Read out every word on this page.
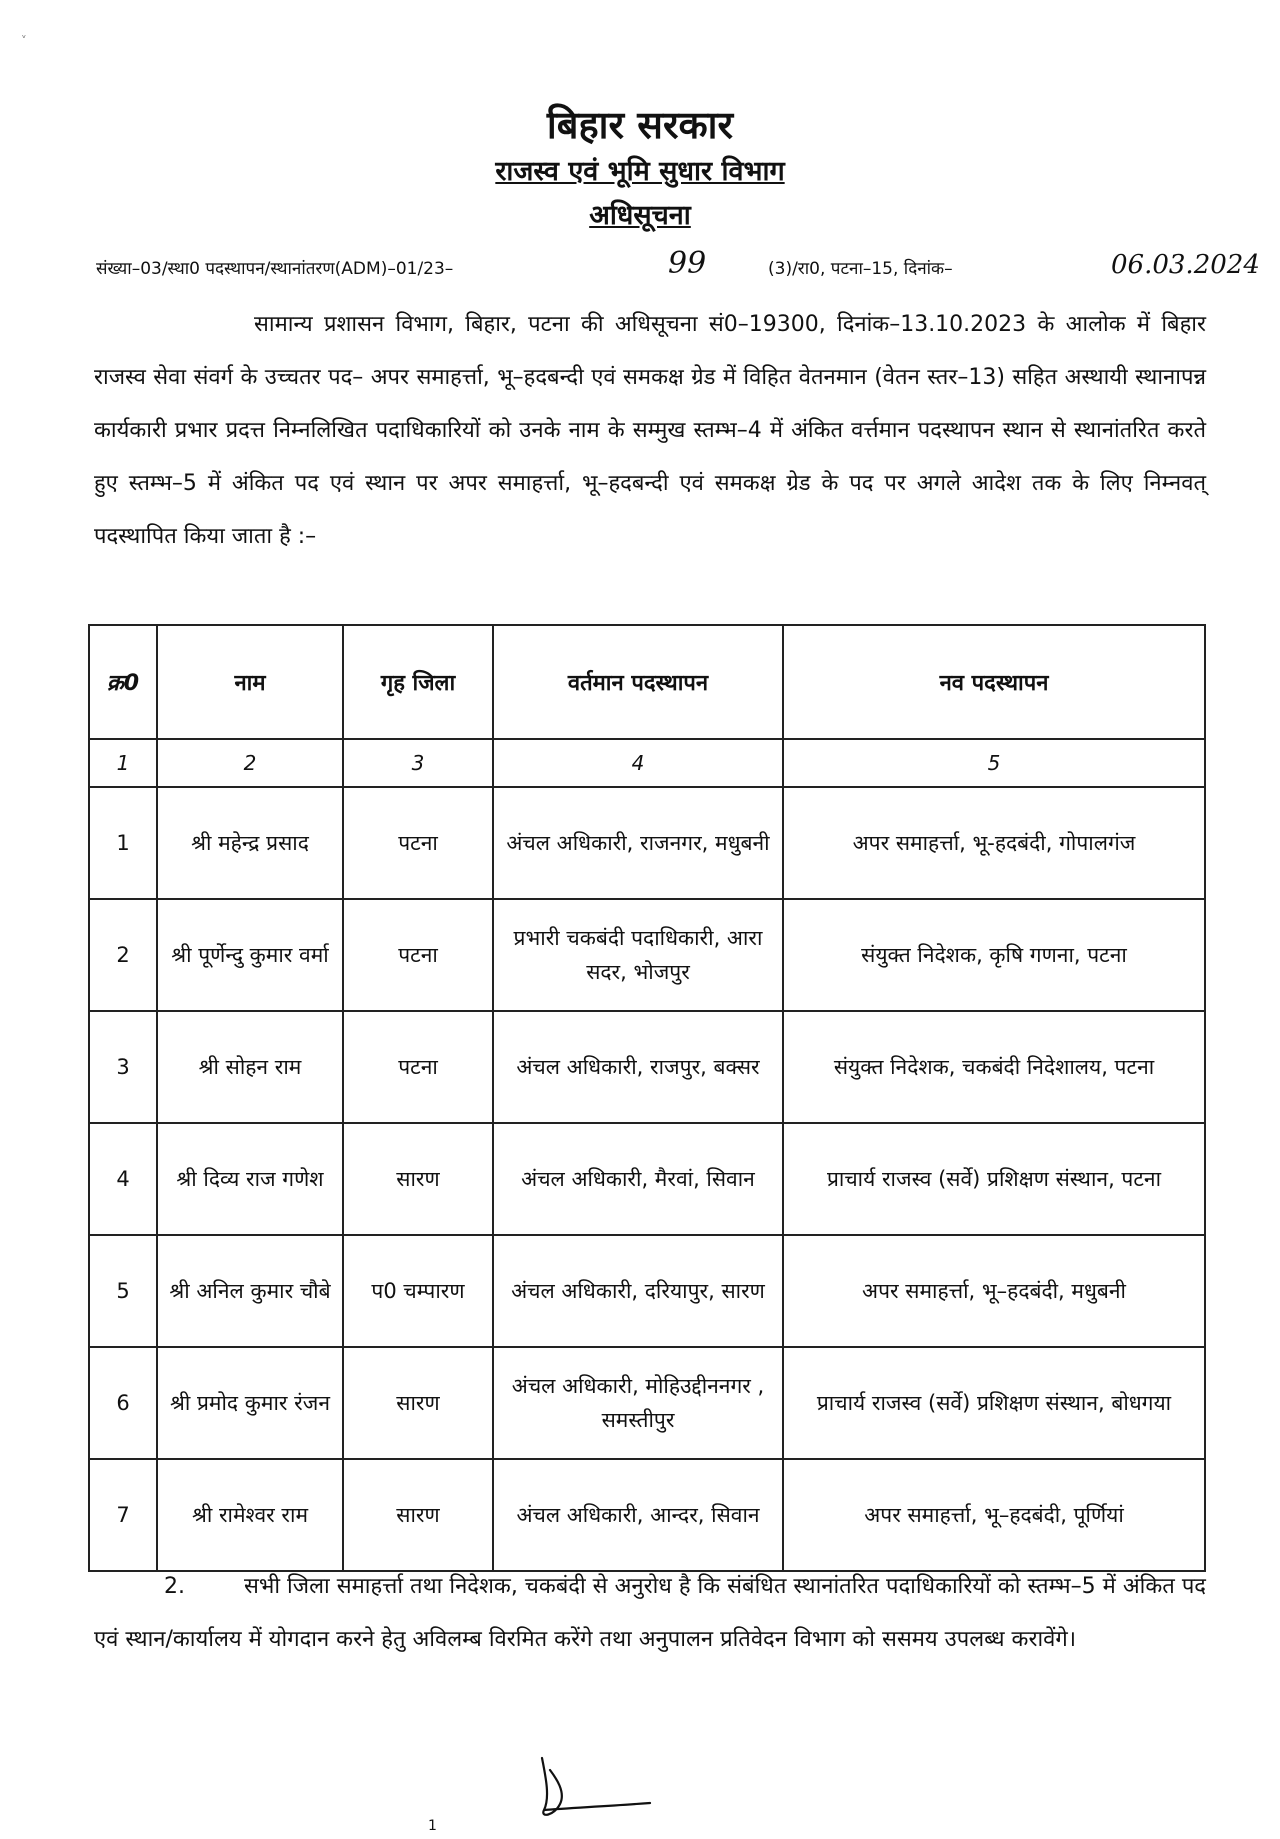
ᵥ
बिहार सरकार
राजस्व एवं भूमि सुधार विभाग
अधिसूचना
संख्या–03/स्था0 पदस्थापन/स्थानांतरण(ADM)–01/23–	99	(3)/रा0, पटना–15, दिनांक–	06.03.2024
सामान्य प्रशासन विभाग, बिहार, पटना की अधिसूचना सं0–19300, दिनांक–13.10.2023 के आलोक में बिहार राजस्व सेवा संवर्ग के उच्चतर पद– अपर समाहर्त्ता, भू–हदबन्दी एवं समकक्ष ग्रेड में विहित वेतनमान (वेतन स्तर–13) सहित अस्थायी स्थानापन्न कार्यकारी प्रभार प्रदत्त निम्नलिखित पदाधिकारियों को उनके नाम के सम्मुख स्तम्भ–4 में अंकित वर्त्तमान पदस्थापन स्थान से स्थानांतरित करते हुए स्तम्भ–5 में अंकित पद एवं स्थान पर अपर समाहर्त्ता, भू–हदबन्दी एवं समकक्ष ग्रेड के पद पर अगले आदेश तक के लिए निम्नवत् पदस्थापित किया जाता है :–
क्र0	नाम	गृह जिला	वर्तमान पदस्थापन	नव पदस्थापन
1	2	3	4	5
1	श्री महेन्द्र प्रसाद	पटना	अंचल अधिकारी, राजनगर, मधुबनी	अपर समाहर्त्ता, भू-हदबंदी, गोपालगंज
2	श्री पूर्णेन्दु कुमार वर्मा	पटना	प्रभारी चकबंदी पदाधिकारी, आरा सदर, भोजपुर	संयुक्त निदेशक, कृषि गणना, पटना
3	श्री सोहन राम	पटना	अंचल अधिकारी, राजपुर, बक्सर	संयुक्त निदेशक, चकबंदी निदेशालय, पटना
4	श्री दिव्य राज गणेश	सारण	अंचल अधिकारी, मैरवां, सिवान	प्राचार्य राजस्व (सर्वे) प्रशिक्षण संस्थान, पटना
5	श्री अनिल कुमार चौबे	प0 चम्पारण	अंचल अधिकारी, दरियापुर, सारण	अपर समाहर्त्ता, भू–हदबंदी, मधुबनी
6	श्री प्रमोद कुमार रंजन	सारण	अंचल अधिकारी, मोहिउद्दीननगर , समस्तीपुर	प्राचार्य राजस्व (सर्वे) प्रशिक्षण संस्थान, बोधगया
7	श्री रामेश्वर राम	सारण	अंचल अधिकारी, आन्दर, सिवान	अपर समाहर्त्ता, भू–हदबंदी, पूर्णियां
2.	सभी जिला समाहर्त्ता तथा निदेशक, चकबंदी से अनुरोध है कि संबंधित स्थानांतरित पदाधिकारियों को स्तम्भ–5 में अंकित पद एवं स्थान/कार्यालय में योगदान करने हेतु अविलम्ब विरमित करेंगे तथा अनुपालन प्रतिवेदन विभाग को ससमय उपलब्ध करावेंगे।
1
